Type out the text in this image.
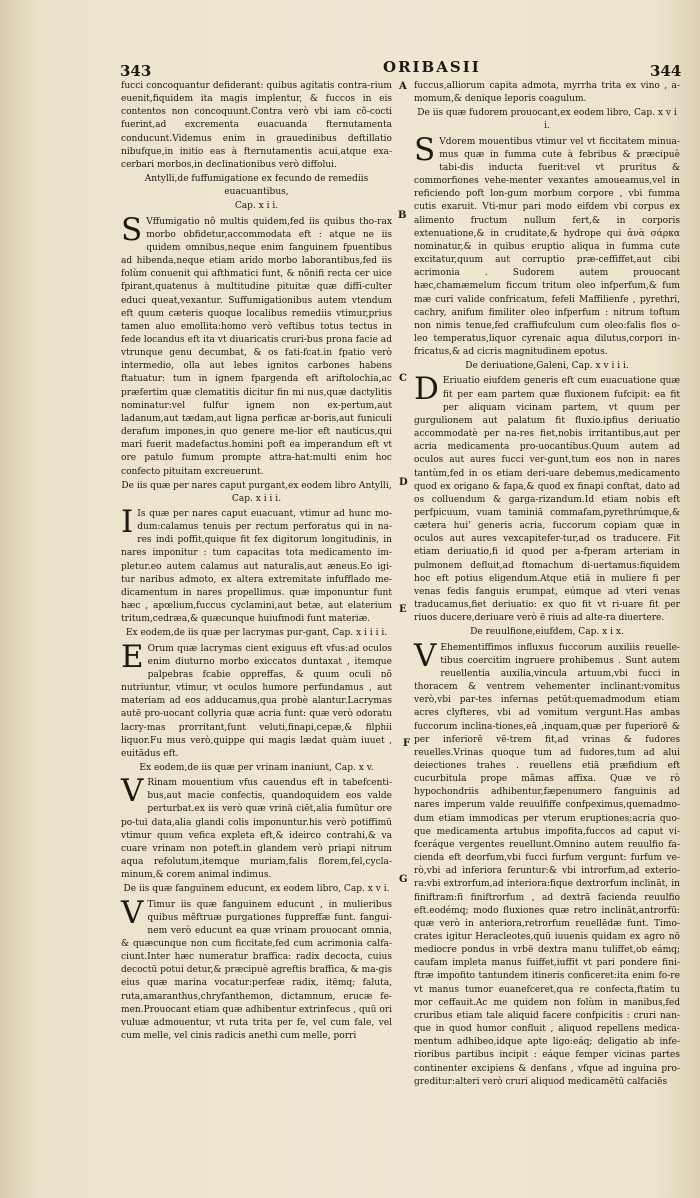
343	ORIBASII	344
A
B
C
D
E
F
G

fucci concoquantur defiderant: quibus agitatis contra-rium euenit,fiquidem ita magis implentur, & fuccos in eis contentos non concoquunt.Contra verò vbi iam cõ-cocti fuerint,ad excrementa euacuanda fternutamenta conducunt.Videmus enim in grauedinibus deftillatio nibufque,in initio eas à fternutamentis acui,atque exa-cerbari morbos,in declinationibus verò diffolui.

Antylli,de fuffumigatione ex fecundo de remediis euacuantibus,

Cap. x i i.

S Vffumigatio nõ multis quidem,fed iis quibus tho-rax morbo obfidetur,accommodata eft : atque ne iis quidem omnibus,neque enim fanguinem fpuentibus ad hibenda,neque etiam arido morbo laborantibus,fed iis folùm conuenit qui afthmatici funt, & nõnifi recta cer uice fpirant,quatenus à multitudine pituitæ quæ diffi-culter educi queat,vexantur. Suffumigationibus autem vtendum eft quum cæteris quoque localibus remediis vtimur,prius tamen aluo emollita:homo verò veftibus totus tectus in fede locandus eft ita vt diuaricatis cruri-bus prona facie ad vtrunque genu decumbat, & os fati-fcat.in fpatio verò intermedio, olla aut lebes ignitos carbones habens ftatuatur: tum in ignem fpargenda eft ariftolochia,ac præfertim quæ clematitis dicitur fin mi nus,quæ dactylitis nominatur:vel fulfur ignem non ex-pertum,aut ladanum,aut tædam,aut ligna perficæ ar-boris,aut funiculi derafum impones,in quo genere me-lior eft nauticus,qui mari fuerit madefactus.homini poft ea imperandum eft vt ore patulo fumum prompte attra-hat:multi enim hoc confecto pituitam excreuerunt.

De iis quæ per nares caput purgant,ex eodem libro Antylli, Cap. x i i i.

I Is quæ per nares caput euacuant, vtimur ad hunc mo-dum:calamus tenuis per rectum perforatus qui in na-res indi poffit,quique fit fex digitorum longitudinis, in nares imponitur : tum capacitas tota medicamento im-pletur.eo autem calamus aut naturalis,aut æneus.Eo igi-tur naribus admoto, ex altera extremitate infufflado me-dicamentum in nares propellimus. quæ imponuntur funt hæc , apœlium,fuccus cyclamini,aut betæ, aut elaterium tritum,cedræa,& quæcunque huiufmodi funt materiæ.

Ex eodem,de iis quæ per lacrymas pur-gant, Cap. x i i i i.

E Orum quæ lacrymas cient exiguus eft vfus:ad oculos enim diuturno morbo exiccatos duntaxat , itemque palpebras fcabie oppreffas, & quum oculi nõ nutriuntur, vtimur, vt oculos humore perfundamus , aut materiam ad eos adducamus,qua probè alantur.Lacrymas autē pro-uocant collyria quæ acria funt: quæ verò odoratu lacry-mas prorritant,funt veluti,finapi,cepæ,& filphii liquor.Fu mus verò,quippe qui magis lædat quàm iuuet , euitādus eft.

Ex eodem,de iis quæ per vrinam inaniunt, Cap. x v.

V Rinam mouentium vfus cauendus eft in tabefcenti-bus,aut macie confectis, quandoquidem eos valde perturbat.ex iis verò quæ vrinā ciēt,alia fumūtur ore po-tui data,alia glandi colis imponuntur.his verò potiffimū vtimur quum vefica expleta eft,& ideirco contrahi,& va cuare vrinam non poteft.in glandem verò priapi nitrum aqua refolutum,itemque muriam,falis florem,fel,cycla-minum,& corem animal indimus.

De iis quæ fanguinem educunt, ex eodem libro, Cap. x v i.

V Timur iis quæ fanguinem educunt , in mulieribus quibus mẽftruæ purgationes fuppreffæ funt. fangui-nem verò educunt ea quæ vrinam prouocant omnia, & quæcunque non cum ficcitate,fed cum acrimonia calfa-ciunt.Inter hæc numeratur braffica: radix decocta, cuius decoctū potui detur,& præcipuè agreftis braffica, & ma-gis eius quæ marina vocatur:perfeæ radix, itēmq; faluta, ruta,amaranthus,chryfanthemon, dictamnum, erucæ fe-men.Prouocant etiam quæ adhibentur extrinfecus , quū ori vuluæ admouentur, vt ruta trita per fe, vel cum fale, vel cum melle, vel cinis radicis anethi cum melle, porri

fuccus,alliorum capita admota, myrrha trita ex vino , a-momum,& denique leporis coagulum.

De iis quæ fudorem prouocant,ex eodem libro, Cap. x v i i.

S Vdorem mouentibus vtimur vel vt ficcitatem minua-mus quæ in fumma cute à febribus & præcipuè tabi-dis inducta fuerit:vel vt pruritus & commorfiones vehe-menter vexantes amoueamus,vel in reficiendo poft lon-gum morbum corpore , vbi fumma cutis exaruit. Vti-mur pari modo eifdem vbi corpus ex alimento fructum nullum fert,& in corporis extenuatione,& in cruditate,& hydrope qui ἀνὰ σάρκα nominatur,& in quibus eruptio aliqua in fumma cute excitatur,quum aut corruptio præ-ceffiffet,aut cibi acrimonia . Sudorem autem prouocant hæc,chamæmelum ficcum tritum oleo infperfum,& fum mæ curi valide confricatum, fefeli Maffilienfe , pyrethri, cachry, anifum fimiliter oleo infperfum : nitrum toftum non nimis tenue,fed craffiufculum cum oleo:falis flos o-leo temperatus,liquor cyrenaic aqua dilutus,corpori in-fricatus,& ad cicris magnitudinem epotus.

De deriuatione,Galeni, Cap. x v i i i.

D Eriuatio eiufdem generis eft cum euacuatione quæ fit per eam partem quæ fluxionem fufcipit: ea fit per aliquam vicinam partem, vt quum per gurgulionem aut palatum fit fluxio.ipfius deriuatio accommodatè per na-res fiet,nobis irritantibus,aut per acria medicamenta pro-uocantibus.Quum autem ad oculos aut aures fucci ver-gunt,tum eos non in nares tantùm,fed in os etiam deri-uare debemus,medicamento quod ex origano & fapa,& quod ex finapi conftat, dato ad os colluendum & garga-rizandum.Id etiam nobis eft perfpicuum, vuam taminiā commafam,pyrethrúmque,& cætera hui' generis acria, fuccorum copiam quæ in oculos aut aures vexcapitefer-tur,ad os traducere. Fit etiam deriuatio,fi id quod per a-fperam arteriam in pulmonem defluit,ad ftomachum di-uertamus:fiquidem hoc eft potius eligendum.Atque etiā in muliere fi per venas fedis fanguis erumpat, eúmque ad vteri venas traducamus,fiet deriuatio: ex quo fit vt ri-uare fit per riuos ducere,deriuare verò ē riuis ad alte-ra diuertere.

De reuulfione,eiufdem, Cap. x i x.

V Ehementiffimos influxus fuccorum auxiliis reuelle-tibus coercitim ingruere prohibemus . Sunt autem reuellentia auxilia,vincula artuum,vbi fucci in thoracem & ventrem vehementer inclinant:vomitus verò,vbi par-tes infernas petūt:quemadmodum etiam acres clyfteres, vbi ad vomitum vergunt.Has ambas fuccorum inclina-tiones,eā ,inquam,quæ per fuperiorē & per inferiorē vē-trem fit,ad vrinas & fudores reuelles.Vrinas quoque tum ad fudores,tum ad alui deiectiones trahes . reuellens etiā præfidium eft cucurbitula prope mãmas affixa. Quæ ve rò hypochondriis adhibentur,fæpenumero fanguinis ad nares imperum valde reuulfiffe confpeximus,quemadmo-dum etiam immodicas per vterum eruptiones:acria quo-que medicamenta artubus impofita,fuccos ad caput vi-fceráque vergentes reuellunt.Omnino autem reuulfio fa-cienda eft deorfum,vbi fucci furfum vergunt: furfum ve-rò,vbi ad inferiora feruntur:& vbi introrfum,ad exterio-ra:vbi extrorfum,ad interiora:fique dextrorfum inclināt, in finiftram:fi finiftrorfum , ad dextrā facienda reuulfio eft.eodémq; modo fluxiones quæ retro inclināt,antrorfū: quæ verò in anteriora,retrorfum reuellēdæ funt. Timo-crates igitur Heracleotes,quū iuuenis quidam ex agro nō mediocre pondus in vrbē dextra manu tuliffet,ob eámq; caufam impleta manus fuiffet,iuffit vt pari pondere fini-ftræ impofito tantundem itineris conficeret:ita enim fo-re vt manus tumor euanefceret,qua re confecta,ftatim tu mor ceffauit.Ac me quidem non folùm in manibus,fed cruribus etiam tale aliquid facere confpicitis : cruri nan-que in quod humor confluit , aliquod repellens medica-mentum adhibeo,idque apte ligo:eáq; deligatio ab infe-rioribus partibus incipit : eáque femper vicinas partes continenter excipiens & denfans , vfque ad inguina pro-greditur:alteri verò cruri aliquod medicamētū calfaciēs
